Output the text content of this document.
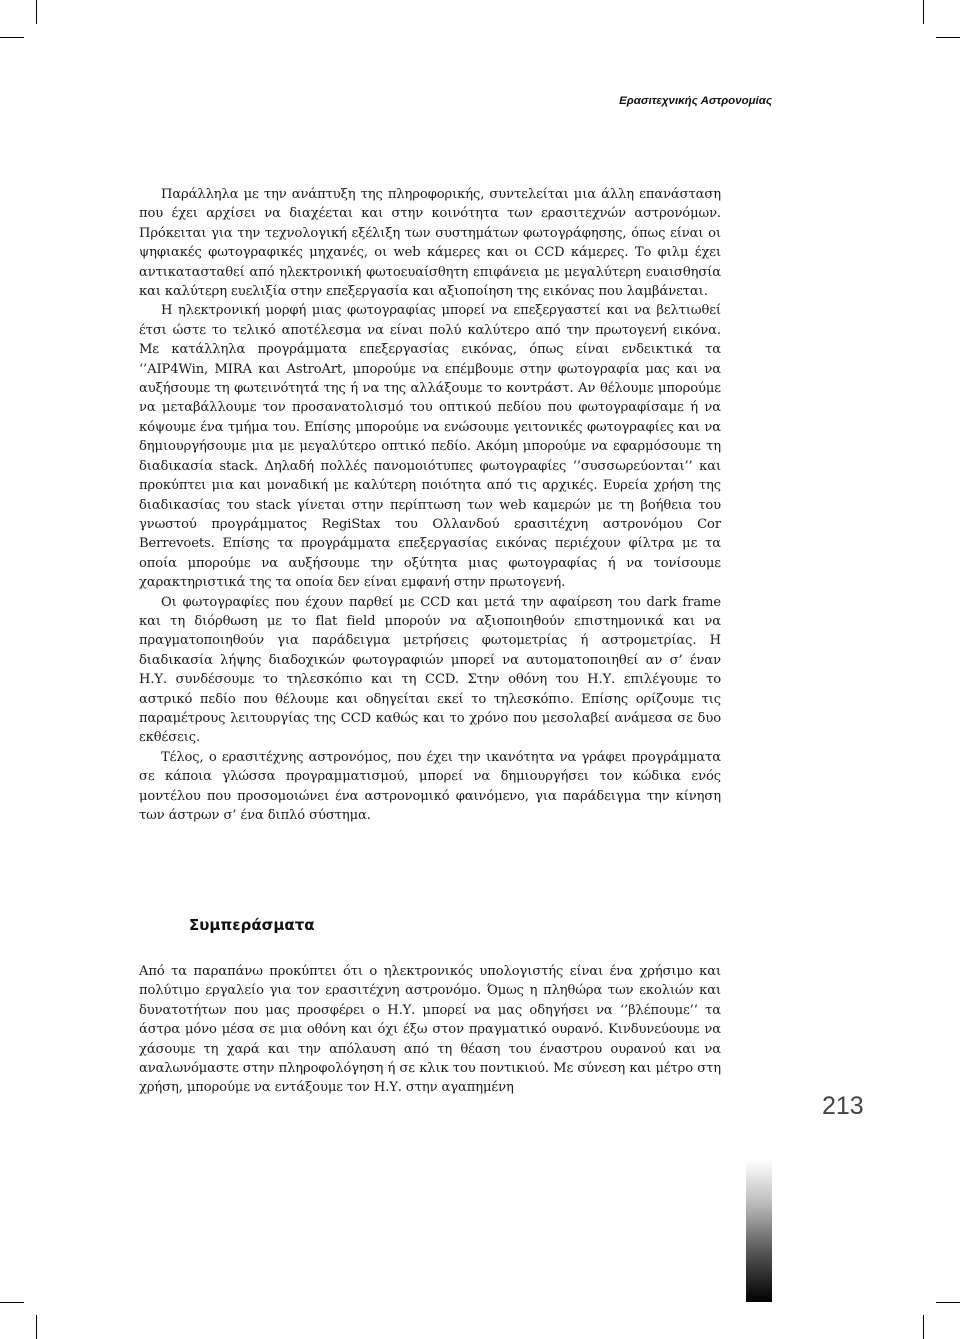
Ερασιτεχνικής Αστρονομίας

Παράλληλα με την ανάπτυξη της πληροφορικής, συντελείται μια άλλη επανάσταση που έχει αρχίσει να διαχέεται και στην κοινότητα των ερασιτεχνών αστρονόμων. Πρόκειται για την τεχνολογική εξέλιξη των συστημάτων φωτογράφησης, όπως είναι οι ψηφιακές φωτογραφικές μηχανές, οι web κάμερες και οι CCD κάμερες. Το φιλμ έχει αντικατασταθεί από ηλεκτρονική φωτοευαίσθητη επιφάνεια με μεγαλύτερη ευαισθησία και καλύτερη ευελιξία στην επεξεργασία και αξιοποίηση της εικόνας που λαμβάνεται.

Η ηλεκτρονική μορφή μιας φωτογραφίας μπορεί να επεξεργαστεί και να βελτιωθεί έτσι ώστε το τελικό αποτέλεσμα να είναι πολύ καλύτερο από την πρωτογενή εικόνα. Με κατάλληλα προγράμματα επεξεργασίας εικόνας, όπως είναι ενδεικτικά τα ‘’AIP4Win, MIRA και AstroArt, μπορούμε να επέμβουμε στην φωτογραφία μας και να αυξήσουμε τη φωτεινότητά της ή να της αλλάξουμε το κοντράστ. Αν θέλουμε μπορούμε να μεταβάλλουμε τον προσανατολισμό του οπτικού πεδίου που φωτογραφίσαμε ή να κόψουμε ένα τμήμα του. Επίσης μπορούμε να ενώσουμε γειτονικές φωτογραφίες και να δημιουργήσουμε μια με μεγαλύτερο οπτικό πεδίο. Ακόμη μπορούμε να εφαρμόσουμε τη διαδικασία stack. Δηλαδή πολλές πανομοιότυπες φωτογραφίες ‘’συσσωρεύονται’’ και προκύπτει μια και μοναδική με καλύτερη ποιότητα από τις αρχικές. Ευρεία χρήση της διαδικασίας του stack γίνεται στην περίπτωση των web καμερών με τη βοήθεια του γνωστού προγράμματος RegiStax του Ολλανδού ερασιτέχνη αστρονόμου Cor Berrevoets. Επίσης τα προγράμματα επεξεργασίας εικόνας περιέχουν φίλτρα με τα οποία μπορούμε να αυξήσουμε την οξύτητα μιας φωτογραφίας ή να τονίσουμε χαρακτηριστικά της τα οποία δεν είναι εμφανή στην πρωτογενή.

Οι φωτογραφίες που έχουν παρθεί με CCD και μετά την αφαίρεση του dark frame και τη διόρθωση με το flat field μπορούν να αξιοποιηθούν επιστημονικά και να πραγματοποιηθούν για παράδειγμα μετρήσεις φωτομετρίας ή αστρομετρίας. Η διαδικασία λήψης διαδοχικών φωτογραφιών μπορεί να αυτοματοποιηθεί αν σ’ έναν Η.Υ. συνδέσουμε το τηλεσκόπιο και τη CCD. Στην οθόνη του Η.Υ. επιλέγουμε το αστρικό πεδίο που θέλουμε και οδηγείται εκεί το τηλεσκόπιο. Επίσης ορίζουμε τις παραμέτρους λειτουργίας της CCD καθώς και το χρόνο που μεσολαβεί ανάμεσα σε δυο εκθέσεις.

Τέλος, ο ερασιτέχνης αστρονόμος, που έχει την ικανότητα να γράφει προγράμματα σε κάποια γλώσσα προγραμματισμού, μπορεί να δημιουργήσει τον κώδικα ενός μοντέλου που προσομοιώνει ένα αστρονομικό φαινόμενο, για παράδειγμα την κίνηση των άστρων σ’ ένα διπλό σύστημα.

Συμπεράσματα

Από τα παραπάνω προκύπτει ότι ο ηλεκτρονικός υπολογιστής είναι ένα χρήσιμο και πολύτιμο εργαλείο για τον ερασιτέχνη αστρονόμο. Όμως η πληθώρα των εκολιών και δυνατοτήτων που μας προσφέρει ο Η.Υ. μπορεί να μας οδηγήσει να ‘’βλέπουμε’’ τα άστρα μόνο μέσα σε μια οθόνη και όχι έξω στον πραγματικό ουρανό. Κινδυνεύουμε να χάσουμε τη χαρά και την απόλαυση από τη θέαση του έναστρου ουρανού και να αναλωνόμαστε στην πληροφολόγηση ή σε κλικ του ποντικιού. Με σύνεση και μέτρο στη χρήση, μπορούμε να εντάξουμε τον Η.Υ. στην αγαπημένη

213
